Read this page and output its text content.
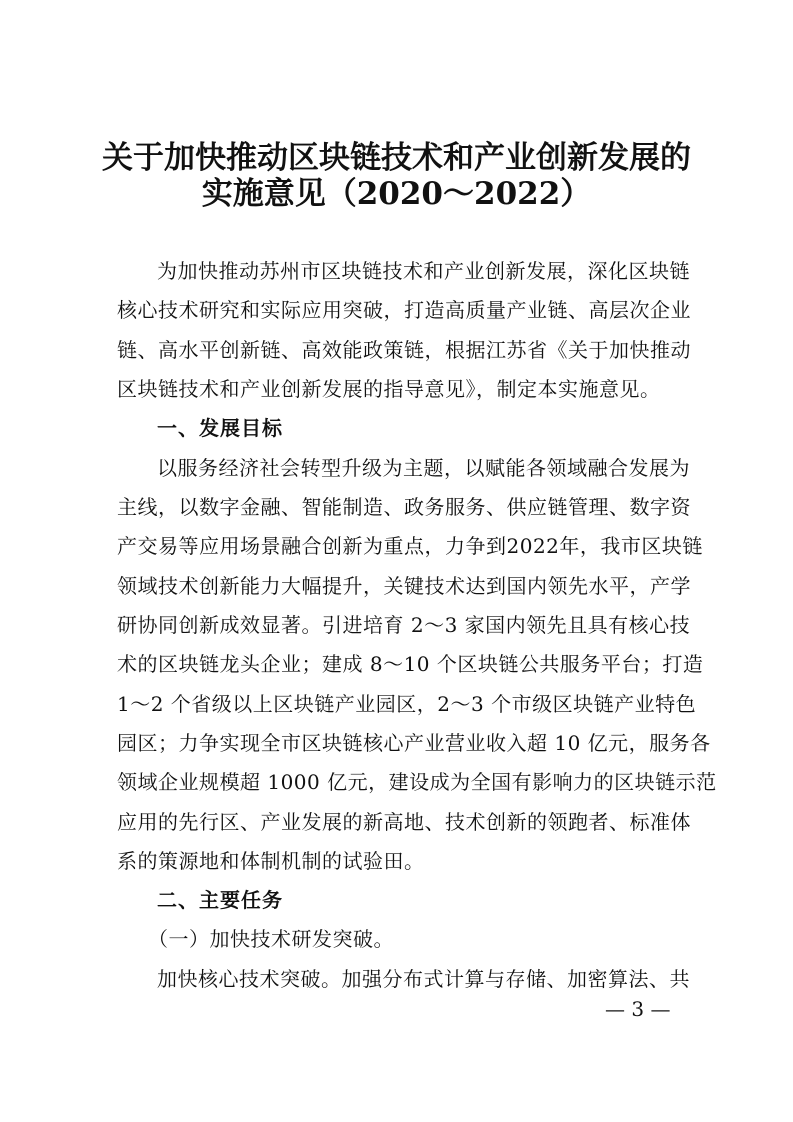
关于加快推动区块链技术和产业创新发展的
实施意见（2020～2022）
为加快推动苏州市区块链技术和产业创新发展，深化区块链
核心技术研究和实际应用突破，打造高质量产业链、高层次企业
链、高水平创新链、高效能政策链，根据江苏省《关于加快推动
区块链技术和产业创新发展的指导意见》，制定本实施意见。
一、发展目标
以服务经济社会转型升级为主题，以赋能各领域融合发展为
主线，以数字金融、智能制造、政务服务、供应链管理、数字资
产交易等应用场景融合创新为重点，力争到2022年，我市区块链
领域技术创新能力大幅提升，关键技术达到国内领先水平，产学
研协同创新成效显著。引进培育 2～3 家国内领先且具有核心技
术的区块链龙头企业；建成 8～10 个区块链公共服务平台；打造
1～2 个省级以上区块链产业园区，2～3 个市级区块链产业特色
园区；力争实现全市区块链核心产业营业收入超 10 亿元，服务各
领域企业规模超 1000 亿元，建设成为全国有影响力的区块链示范
应用的先行区、产业发展的新高地、技术创新的领跑者、标准体
系的策源地和体制机制的试验田。
二、主要任务
（一）加快技术研发突破。
加快核心技术突破。加强分布式计算与存储、加密算法、共
— 3 —
